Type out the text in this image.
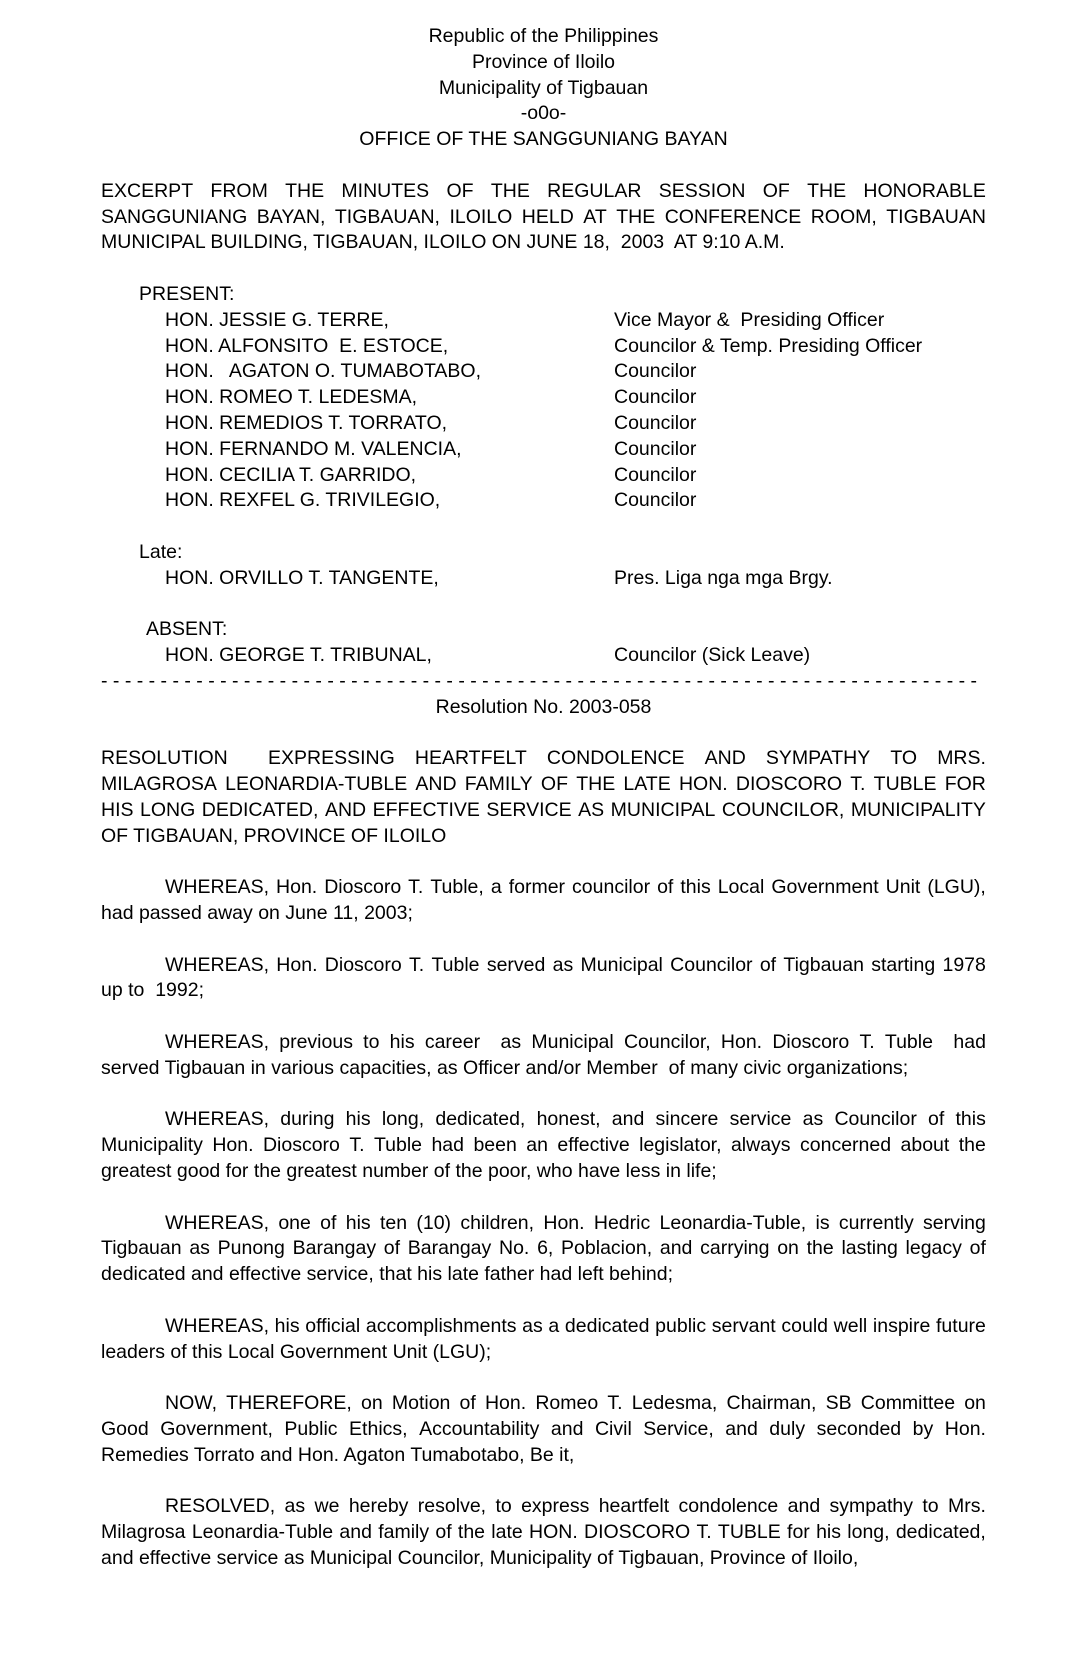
Republic of the Philippines
Province of Iloilo
Municipality of Tigbauan
-o0o-
OFFICE OF THE SANGGUNIANG BAYAN
EXCERPT FROM THE MINUTES OF THE REGULAR SESSION OF THE HONORABLE
SANGGUNIANG BAYAN, TIGBAUAN, ILOILO HELD AT THE CONFERENCE ROOM, TIGBAUAN
MUNICIPAL BUILDING, TIGBAUAN, ILOILO ON JUNE 18,  2003  AT 9:10 A.M.
PRESENT:
HON. JESSIE G. TERRE,	Vice Mayor &  Presiding Officer
HON. ALFONSITO  E. ESTOCE,	Councilor & Temp. Presiding Officer
HON.   AGATON O. TUMABOTABO,	Councilor
HON. ROMEO T. LEDESMA,	Councilor
HON. REMEDIOS T. TORRATO,	Councilor
HON. FERNANDO M. VALENCIA,	Councilor
HON. CECILIA T. GARRIDO,	Councilor
HON. REXFEL G. TRIVILEGIO,	Councilor
Late:
HON. ORVILLO T. TANGENTE,	Pres. Liga nga mga Brgy.
ABSENT:
HON. GEORGE T. TRIBUNAL,	Councilor (Sick Leave)
- - - - - - - - - - - - - - - - - - - - - - - - - - - - - - - - - - - - - - - - - - - - - - - - - - - - - - - - - - - - - - - - - - - - - - - - - -
Resolution No. 2003-058
RESOLUTION EXPRESSING HEARTFELT CONDOLENCE AND SYMPATHY TO MRS.
MILAGROSA LEONARDIA-TUBLE AND FAMILY OF THE LATE HON. DIOSCORO T. TUBLE FOR
HIS LONG DEDICATED, AND EFFECTIVE SERVICE AS MUNICIPAL COUNCILOR, MUNICIPALITY
OF TIGBAUAN, PROVINCE OF ILOILO
WHEREAS, Hon. Dioscoro T. Tuble, a former councilor of this Local Government Unit (LGU),
had passed away on June 11, 2003;
WHEREAS, Hon. Dioscoro T. Tuble served as Municipal Councilor of Tigbauan starting 1978
up to  1992;
WHEREAS, previous to his career as Municipal Councilor, Hon. Dioscoro T. Tuble had
served Tigbauan in various capacities, as Officer and/or Member  of many civic organizations;
WHEREAS, during his long, dedicated, honest, and sincere service as Councilor of this
Municipality Hon. Dioscoro T. Tuble had been an effective legislator, always concerned about the
greatest good for the greatest number of the poor, who have less in life;
WHEREAS, one of his ten (10) children, Hon. Hedric Leonardia-Tuble, is currently serving
Tigbauan as Punong Barangay of Barangay No. 6, Poblacion, and carrying on the lasting legacy of
dedicated and effective service, that his late father had left behind;
WHEREAS, his official accomplishments as a dedicated public servant could well inspire future
leaders of this Local Government Unit (LGU);
NOW, THEREFORE, on Motion of Hon. Romeo T. Ledesma, Chairman, SB Committee on
Good Government, Public Ethics, Accountability and Civil Service, and duly seconded by Hon.
Remedies Torrato and Hon. Agaton Tumabotabo, Be it,
RESOLVED, as we hereby resolve, to express heartfelt condolence and sympathy to Mrs.
Milagrosa Leonardia-Tuble and family of the late HON. DIOSCORO T. TUBLE for his long, dedicated,
and effective service as Municipal Councilor, Municipality of Tigbauan, Province of Iloilo,
